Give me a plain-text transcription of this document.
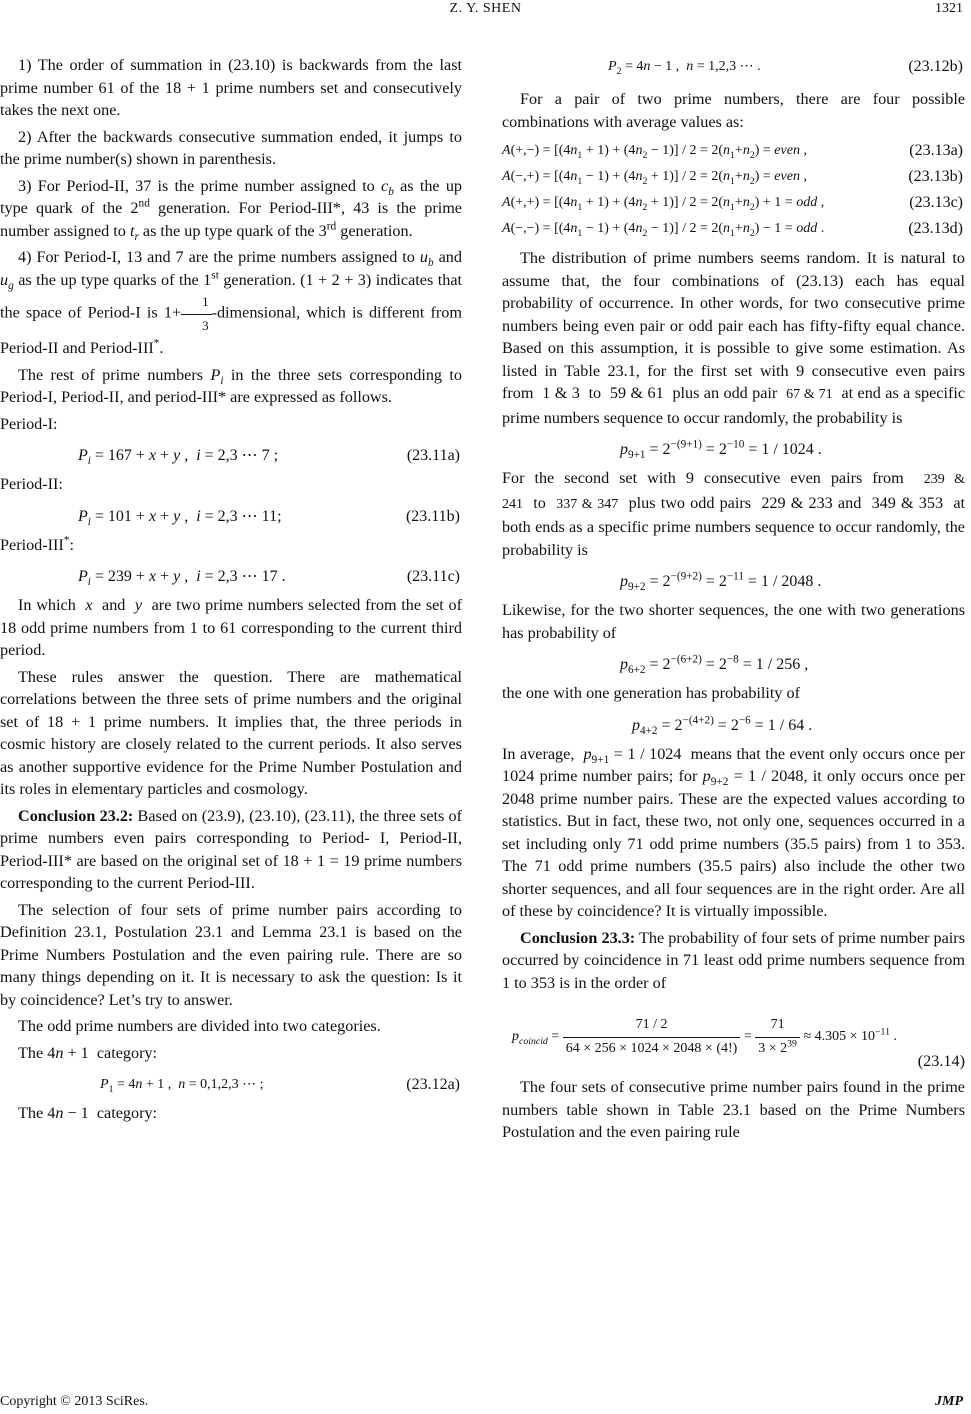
Z. Y. SHEN	1321

1) The order of summation in (23.10) is backwards from the last prime number 61 of the 18 + 1 prime numbers set and consecutively takes the next one.

2) After the backwards consecutive summation ended, it jumps to the prime number(s) shown in parenthesis.

3) For Period-II, 37 is the prime number assigned to $c_b$ as the up type quark of the 2nd generation. For Period-III*, 43 is the prime number assigned to $t_r$ as the up type quark of the 3rd generation.

4) For Period-I, 13 and 7 are the prime numbers assigned to $u_b$ and $u_g$ as the up type quarks of the 1st generation. (1 + 2 + 3) indicates that the space of Period-I is $1+ \frac{1}{3}$ -dimensional, which is different from Period-II and Period-III*.

The rest of prime numbers $P_i$ in the three sets corresponding to Period-I, Period-II, and period-III* are expressed as follows.

Period-I:

$P_i = 167 + x + y$ ,  i = 2,3 ⋯ 7 ;	(23.11a)

Period-II:

$P_i = 101 + x + y$ ,  i = 2,3 ⋯ 11;	(23.11b)

Period-III*:

$P_i = 239 + x + y$ ,  i = 2,3 ⋯ 17 .	(23.11c)

In which x and y are two prime numbers selected from the set of 18 odd prime numbers from 1 to 61 corresponding to the current third period.

These rules answer the question. There are mathematical correlations between the three sets of prime numbers and the original set of 18 + 1 prime numbers. It implies that, the three periods in cosmic history are closely related to the current periods. It also serves as another supportive evidence for the Prime Number Postulation and its roles in elementary particles and cosmology.

Conclusion 23.2: Based on (23.9), (23.10), (23.11), the three sets of prime numbers even pairs corresponding to Period- I, Period-II, Period-III* are based on the original set of 18 + 1 = 19 prime numbers corresponding to the current Period-III.

The selection of four sets of prime number pairs according to Definition 23.1, Postulation 23.1 and Lemma 23.1 is based on the Prime Numbers Postulation and the even pairing rule. There are so many things depending on it. It is necessary to ask the question: Is it by coincidence? Let’s try to answer.

The odd prime numbers are divided into two categories.

The 4n + 1 category:

$P_1 = 4n + 1$ ,  n = 0,1,2,3 ⋯ ;	(23.12a)

The 4n − 1 category:

$P_2 = 4n - 1$ ,  n = 1,2,3 ⋯ .	(23.12b)

For a pair of two prime numbers, there are four possible combinations with average values as:

$A(+,-) = [(4n_1 + 1) + (4n_2 - 1)] / 2 = 2(n_1+n_2)$ = even ,	(23.13a)
$A(-,+) = [(4n_1 - 1) + (4n_2 + 1)] / 2 = 2(n_1+n_2)$ = even ,	(23.13b)
$A(+,+) = [(4n_1 + 1) + (4n_2 + 1)] / 2 = 2(n_1+n_2) + 1$ = odd ,	(23.13c)
$A(-,-) = [(4n_1 - 1) + (4n_2 - 1)] / 2 = 2(n_1+n_2) - 1$ = odd .	(23.13d)

The distribution of prime numbers seems random. It is natural to assume that, the four combinations of (23.13) each has equal probability of occurrence. In other words, for two consecutive prime numbers being even pair or odd pair each has fifty-fifty equal chance. Based on this assumption, it is possible to give some estimation. As listed in Table 23.1, for the first set with 9 consecutive even pairs from  1 & 3  to  59 & 61  plus an odd pair 67 & 71 at end as a specific prime numbers sequence to occur randomly, the probability is

$p_{9+1} = 2^{-(9+1)} = 2^{-10} = 1 / 1024$ .

For the second set with 9 consecutive even pairs from 239 & 241 to 337 & 347 plus two odd pairs  229 & 233 and  349 & 353  at both ends as a specific prime numbers sequence to occur randomly, the probability is

$p_{9+2} = 2^{-(9+2)} = 2^{-11} = 1 / 2048$ .

Likewise, for the two shorter sequences, the one with two generations has probability of

$p_{6+2} = 2^{-(6+2)} = 2^{-8} = 1 / 256$ ,

the one with one generation has probability of

$p_{4+2} = 2^{-(4+2)} = 2^{-6} = 1 / 64$ .

In average, $p_{9+1} = 1 / 1024$  means that the event only occurs once per 1024 prime number pairs; for $p_{9+2} = 1 / 2048$, it only occurs once per 2048 prime number pairs. These are the expected values according to statistics. But in fact, these two, not only one, sequences occurred in a set including only 71 odd prime numbers (35.5 pairs) from 1 to 353. The 71 odd prime numbers (35.5 pairs) also include the other two shorter sequences, and all four sequences are in the right order. Are all of these by coincidence? It is virtually impossible.

Conclusion 23.3: The probability of four sets of prime number pairs occurred by coincidence in 71 least odd prime numbers sequence from 1 to 353 is in the order of

$p_{coincid} = \frac{71 / 2}{64 \times 256 \times 1024 \times 2048 \times (4!)} = \frac{71}{3 \times 2^{39}} \approx 4.305 \times 10^{-11}$ .
(23.14)

The four sets of consecutive prime number pairs found in the prime numbers table shown in Table 23.1 based on the Prime Numbers Postulation and the even pairing rule

Copyright © 2013 SciRes.	JMP
